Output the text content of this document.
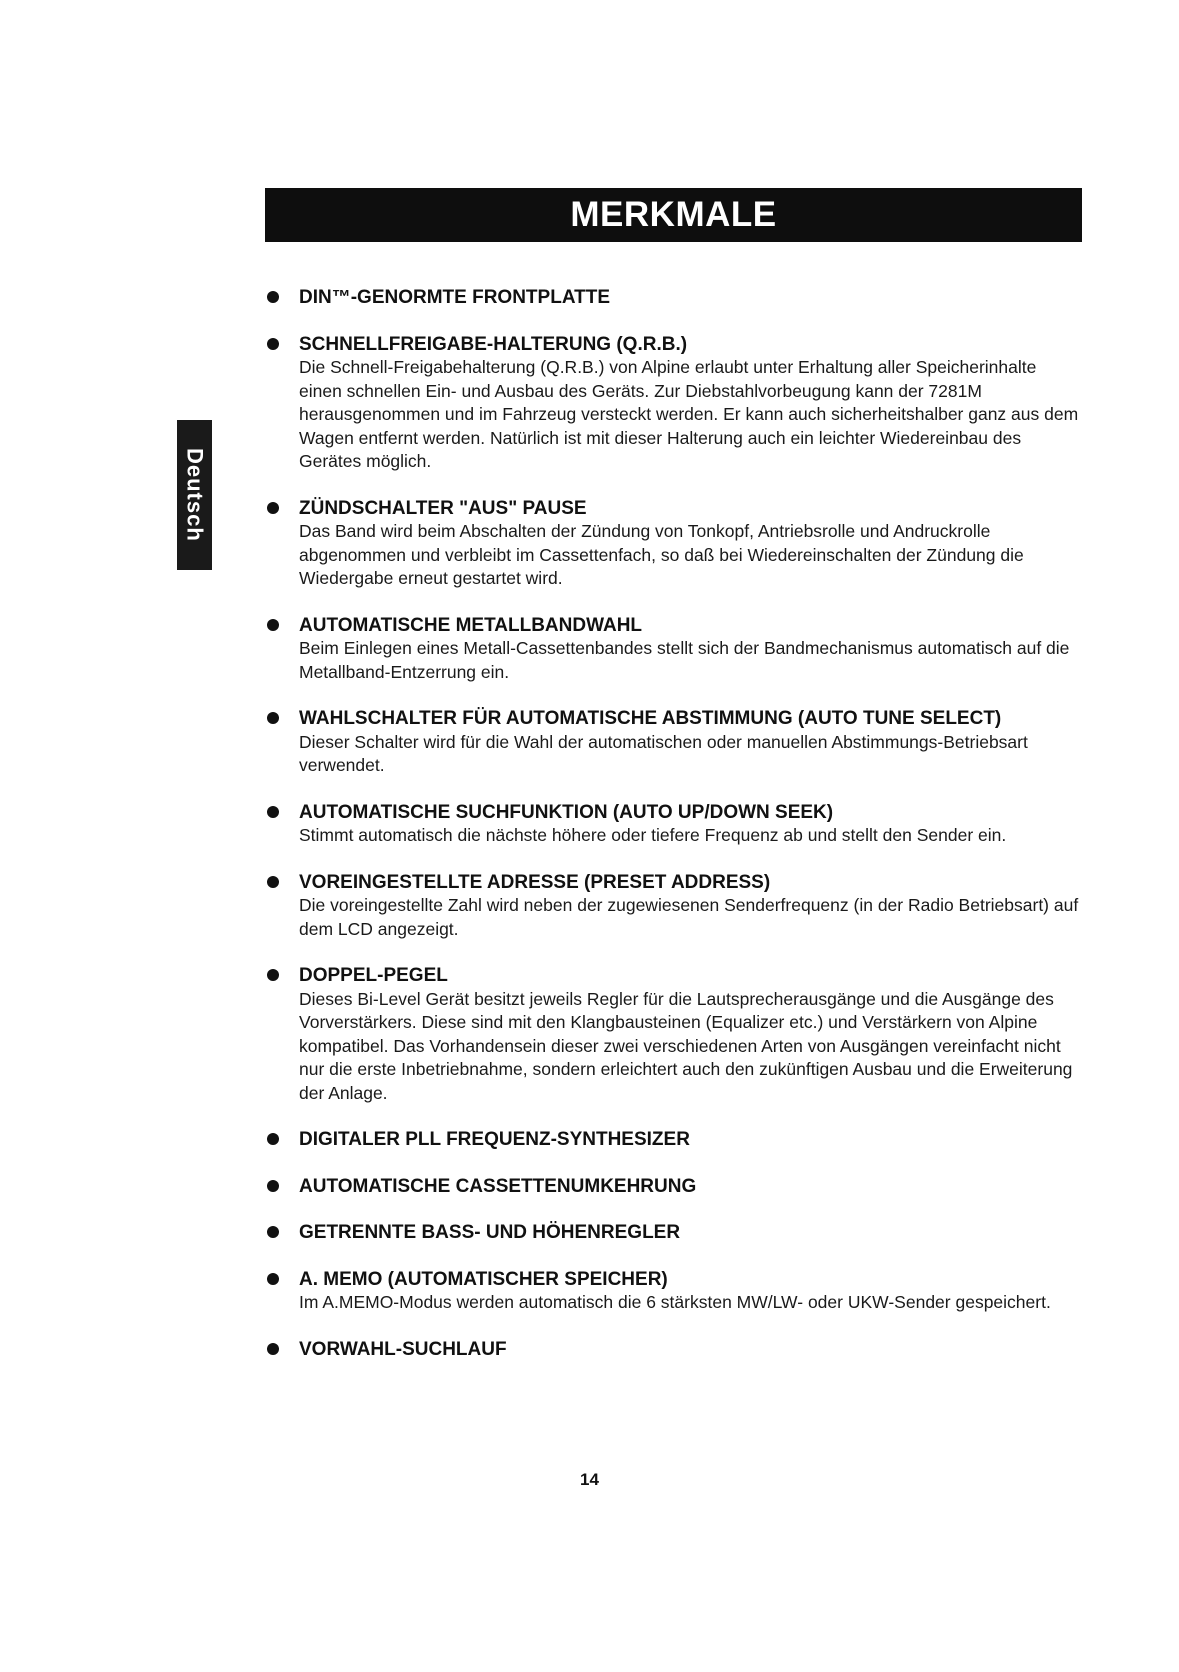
MERKMALE
Deutsch
DIN™-GENORMTE FRONTPLATTE
SCHNELLFREIGABE-HALTERUNG (Q.R.B.)
Die Schnell-Freigabehalterung (Q.R.B.) von Alpine erlaubt unter Erhaltung aller Speicherinhalte einen schnellen Ein- und Ausbau des Geräts. Zur Diebstahlvorbeugung kann der 7281M herausgenommen und im Fahrzeug versteckt werden. Er kann auch sicherheitshalber ganz aus dem Wagen entfernt werden. Natürlich ist mit dieser Halterung auch ein leichter Wiedereinbau des Gerätes möglich.
ZÜNDSCHALTER "AUS" PAUSE
Das Band wird beim Abschalten der Zündung von Tonkopf, Antriebsrolle und Andruckrolle abgenommen und verbleibt im Cassettenfach, so daß bei Wiedereinschalten der Zündung die Wiedergabe erneut gestartet wird.
AUTOMATISCHE METALLBANDWAHL
Beim Einlegen eines Metall-Cassettenbandes stellt sich der Bandmechanismus automatisch auf die Metallband-Entzerrung ein.
WAHLSCHALTER FÜR AUTOMATISCHE ABSTIMMUNG (AUTO TUNE SELECT)
Dieser Schalter wird für die Wahl der automatischen oder manuellen Abstimmungs-Betriebsart verwendet.
AUTOMATISCHE SUCHFUNKTION (AUTO UP/DOWN SEEK)
Stimmt automatisch die nächste höhere oder tiefere Frequenz ab und stellt den Sender ein.
VOREINGESTELLTE ADRESSE (PRESET ADDRESS)
Die voreingestellte Zahl wird neben der zugewiesenen Senderfrequenz (in der Radio Betriebsart) auf dem LCD angezeigt.
DOPPEL-PEGEL
Dieses Bi-Level Gerät besitzt jeweils Regler für die Lautsprecherausgänge und die Ausgänge des Vorverstärkers. Diese sind mit den Klangbausteinen (Equalizer etc.) und Verstärkern von Alpine kompatibel. Das Vorhandensein dieser zwei verschiedenen Arten von Ausgängen vereinfacht nicht nur die erste Inbetriebnahme, sondern erleichtert auch den zukünftigen Ausbau und die Erweiterung der Anlage.
DIGITALER PLL FREQUENZ-SYNTHESIZER
AUTOMATISCHE CASSETTENUMKEHRUNG
GETRENNTE BASS- UND HÖHENREGLER
A. MEMO (AUTOMATISCHER SPEICHER)
Im A.MEMO-Modus werden automatisch die 6 stärksten MW/LW- oder UKW-Sender gespeichert.
VORWAHL-SUCHLAUF
14
